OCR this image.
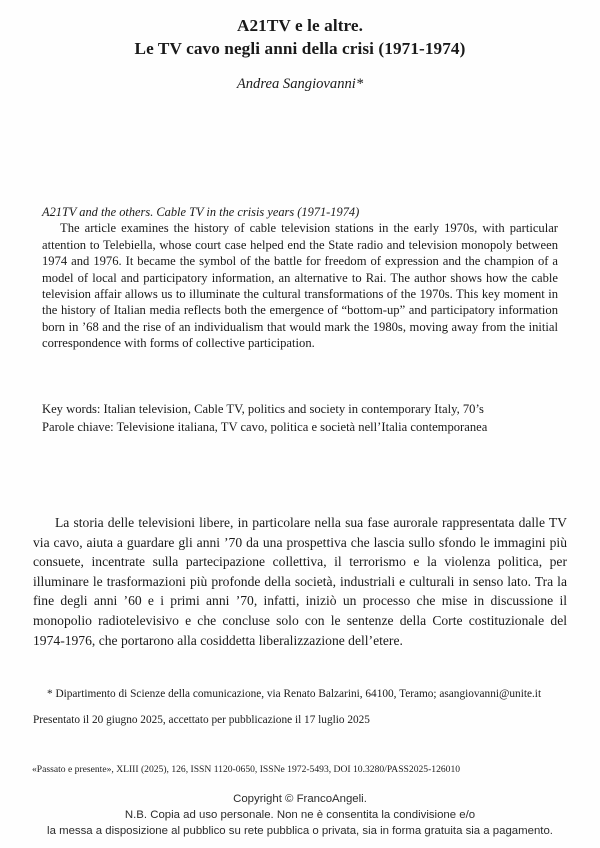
A21TV e le altre.
Le TV cavo negli anni della crisi (1971-1974)
Andrea Sangiovanni*
A21TV and the others. Cable TV in the crisis years (1971-1974)

The article examines the history of cable television stations in the early 1970s, with particular attention to Telebiella, whose court case helped end the State radio and television monopoly between 1974 and 1976. It became the symbol of the battle for freedom of expression and the champion of a model of local and participatory information, an alternative to Rai. The author shows how the cable television affair allows us to illuminate the cultural transformations of the 1970s. This key moment in the history of Italian media reflects both the emergence of “bottom-up” and participatory information born in ’68 and the rise of an individualism that would mark the 1980s, moving away from the initial correspondence with forms of collective participation.

Key words: Italian television, Cable TV, politics and society in contemporary Italy, 70’s

Parole chiave: Televisione italiana, TV cavo, politica e società nell’Italia contemporanea

La storia delle televisioni libere, in particolare nella sua fase aurorale rappresentata dalle TV via cavo, aiuta a guardare gli anni ’70 da una prospettiva che lascia sullo sfondo le immagini più consuete, incentrate sulla partecipazione collettiva, il terrorismo e la violenza politica, per illuminare le trasformazioni più profonde della società, industriali e culturali in senso lato. Tra la fine degli anni ’60 e i primi anni ’70, infatti, iniziò un processo che mise in discussione il monopolio radiotelevisivo e che concluse solo con le sentenze della Corte costituzionale del 1974-1976, che portarono alla cosiddetta liberalizzazione dell’etere.

* Dipartimento di Scienze della comunicazione, via Renato Balzarini, 64100, Teramo; asangiovanni@unite.it

Presentato il 20 giugno 2025, accettato per pubblicazione il 17 luglio 2025

«Passato e presente», XLIII (2025), 126, ISSN 1120-0650, ISSNe 1972-5493, DOI 10.3280/PASS2025-126010
Copyright © FrancoAngeli.
N.B. Copia ad uso personale. Non ne è consentita la condivisione e/o
la messa a disposizione al pubblico su rete pubblica o privata, sia in forma gratuita sia a pagamento.
